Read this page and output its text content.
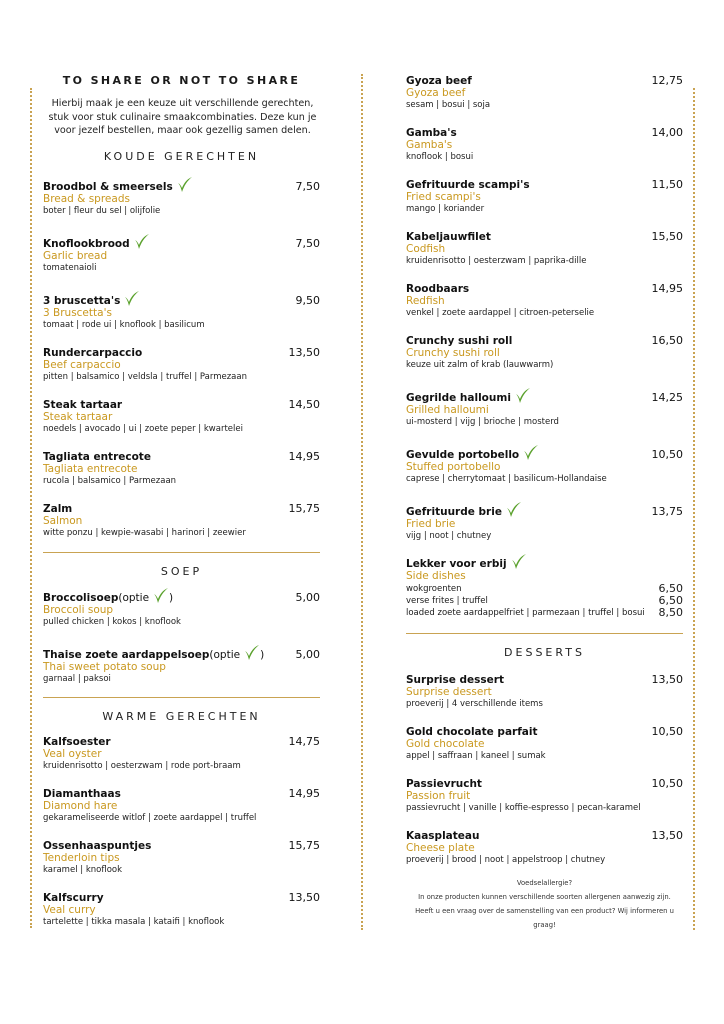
TO SHARE OR NOT TO SHARE
Hierbij maak je een keuze uit verschillende gerechten, stuk voor stuk culinaire smaakcombinaties. Deze kun je voor jezelf bestellen, maar ook gezellig samen delen.
KOUDE GERECHTEN
Broodbol & smeersels	7,50
Bread & spreads
boter | fleur du sel | olijfolie
Knoflookbrood	7,50
Garlic bread
tomatenaioli
3 bruscetta's	9,50
3 Bruscetta's
tomaat | rode ui | knoflook | basilicum
Rundercarpaccio	13,50
Beef carpaccio
pitten | balsamico | veldsla | truffel | Parmezaan
Steak tartaar	14,50
Steak tartaar
noedels | avocado | ui | zoete peper | kwartelei
Tagliata entrecote	14,95
Tagliata entrecote
rucola | balsamico | Parmezaan
Zalm	15,75
Salmon
witte ponzu | kewpie-wasabi | harinori | zeewier
SOEP
Broccolisoep (optie )	5,00
Broccoli soup
pulled chicken | kokos | knoflook
Thaise zoete aardappelsoep (optie )	5,00
Thai sweet potato soup
garnaal | paksoi
WARME GERECHTEN
Kalfsoester	14,75
Veal oyster
kruidenrisotto | oesterzwam | rode port-braam
Diamanthaas	14,95
Diamond hare
gekarameliseerde witlof | zoete aardappel | truffel
Ossenhaaspuntjes	15,75
Tenderloin tips
karamel | knoflook
Kalfscurry	13,50
Veal curry
tartelette | tikka masala | kataifi | knoflook
Gyoza beef	12,75
Gyoza beef
sesam | bosui | soja
Gamba's	14,00
Gamba's
knoflook | bosui
Gefrituurde scampi's	11,50
Fried scampi's
mango | koriander
Kabeljauwfilet	15,50
Codfish
kruidenrisotto | oesterzwam | paprika-dille
Roodbaars	14,95
Redfish
venkel | zoete aardappel | citroen-peterselie
Crunchy sushi roll	16,50
Crunchy sushi roll
keuze uit zalm of krab (lauwwarm)
Gegrilde halloumi	14,25
Grilled halloumi
ui-mosterd | vijg | brioche | mosterd
Gevulde portobello	10,50
Stuffed portobello
caprese | cherrytomaat | basilicum-Hollandaise
Gefrituurde brie	13,75
Fried brie
vijg | noot | chutney
Lekker voor erbij
Side dishes
wokgroenten	6,50
verse frites | truffel	6,50
loaded zoete aardappelfriet | parmezaan | truffel | bosui 8,50
DESSERTS
Surprise dessert	13,50
Surprise dessert
proeverij | 4 verschillende items
Gold chocolate parfait	10,50
Gold chocolate
appel | saffraan | kaneel | sumak
Passievrucht	10,50
Passion fruit
passievrucht | vanille | koffie-espresso | pecan-karamel
Kaasplateau	13,50
Cheese plate
proeverij | brood | noot | appelstroop | chutney
Voedselallergie?
In onze producten kunnen verschillende soorten allergenen aanwezig zijn.
Heeft u een vraag over de samenstelling van een product? Wij informeren u graag!
